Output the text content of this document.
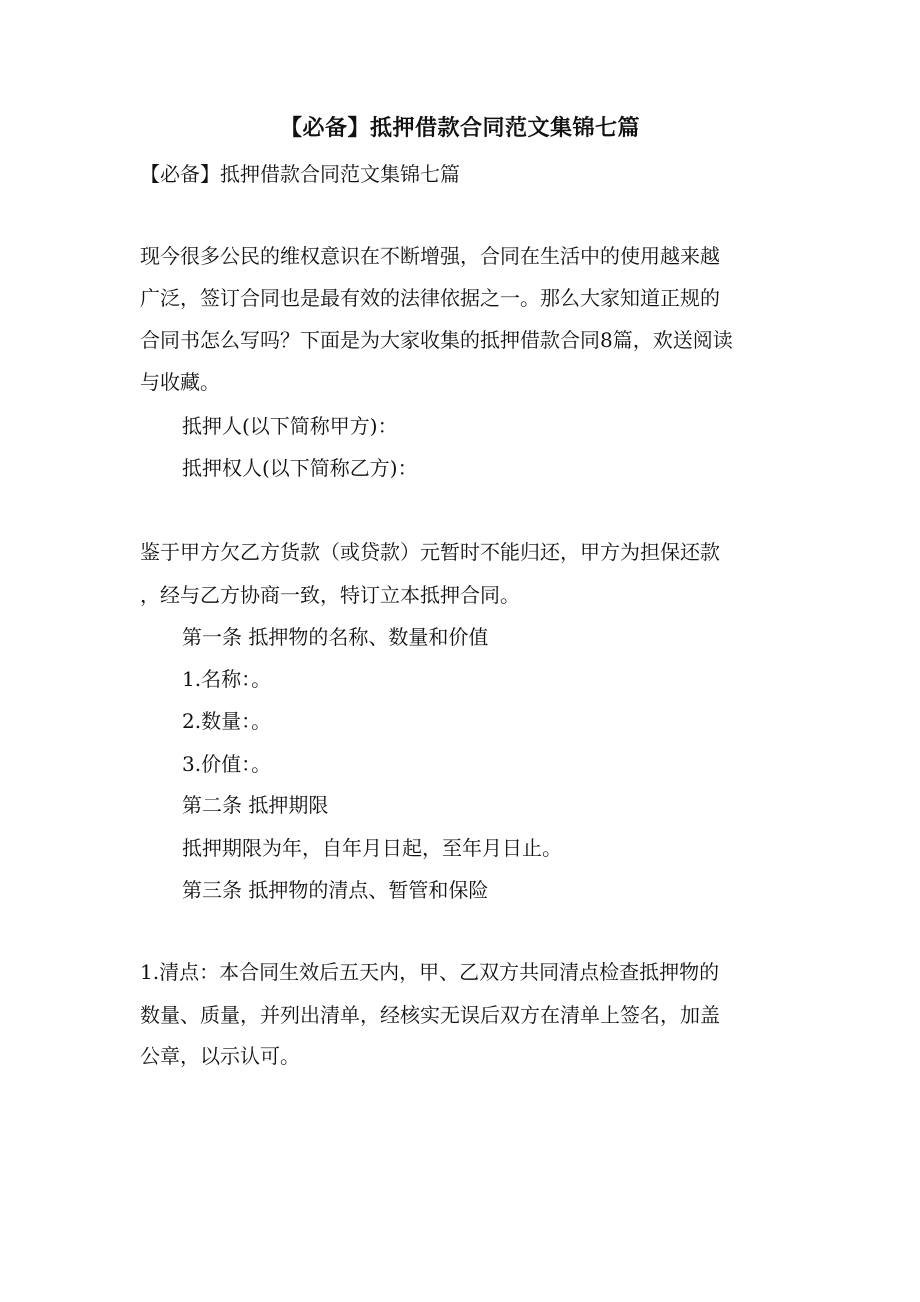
【必备】抵押借款合同范文集锦七篇
【必备】抵押借款合同范文集锦七篇
现今很多公民的维权意识在不断增强，合同在生活中的使用越来越
广泛，签订合同也是最有效的法律依据之一。那么大家知道正规的
合同书怎么写吗？下面是为大家收集的抵押借款合同8篇，欢送阅读
与收藏。
抵押人(以下简称甲方)：
抵押权人(以下简称乙方)：
鉴于甲方欠乙方货款（或贷款）元暂时不能归还，甲方为担保还款
，经与乙方协商一致，特订立本抵押合同。
第一条 抵押物的名称、数量和价值
1.名称：。
2.数量：。
3.价值：。
第二条 抵押期限
抵押期限为年，自年月日起，至年月日止。
第三条 抵押物的清点、暂管和保险
1.清点：本合同生效后五天内，甲、乙双方共同清点检查抵押物的
数量、质量，并列出清单，经核实无误后双方在清单上签名，加盖
公章，以示认可。
